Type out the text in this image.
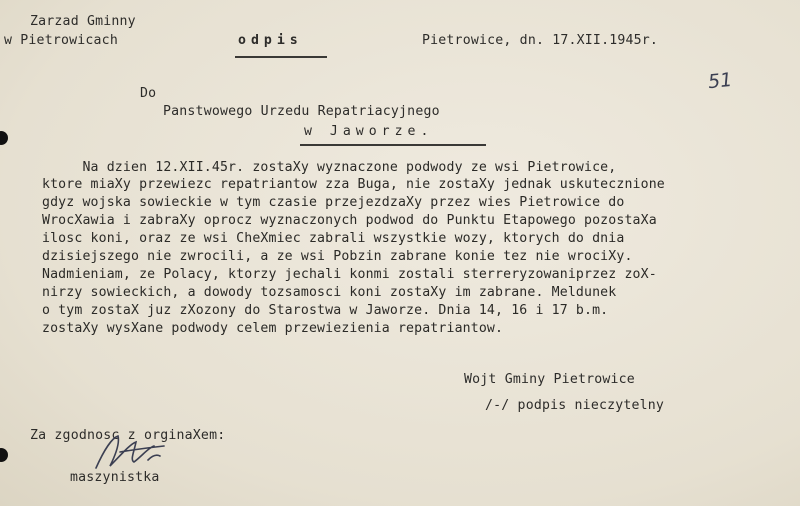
Zarzad Gminny
w Pietrowicach	odpis	Pietrowice, dn. 17.XII.1945r.
51
Do
Panstwowego Urzedu Repatriacyjnego
w Jaworze.
Na dzien 12.XII.45r. zostaXy wyznaczone podwody ze wsi Pietrowice,
ktore miaXy przewiezc repatriantow zza Buga, nie zostaXy jednak uskutecznione
gdyz wojska sowieckie w tym czasie przejezdzaXy przez wies Pietrowice do
WrocXawia i zabraXy oprocz wyznaczonych podwod do Punktu Etapowego pozostaXa
ilosc koni, oraz ze wsi CheXmiec zabrali wszystkie wozy, ktorych do dnia
dzisiejszego nie zwrocili, a ze wsi Pobzin zabrane konie tez nie wrociXy.
Nadmieniam, ze Polacy, ktorzy jechali konmi zostali sterreryzowaniprzez zoX-
nirzy sowieckich, a dowody tozsamosci koni zostaXy im zabrane. Meldunek
o tym zostaX juz zXozony do Starostwa w Jaworze. Dnia 14, 16 i 17 b.m.
zostaXy wysXane podwody celem przewiezienia repatriantow.
Wojt Gminy Pietrowice
/-/ podpis nieczytelny
Za zgodnosc z orginaXem:
maszynistka
